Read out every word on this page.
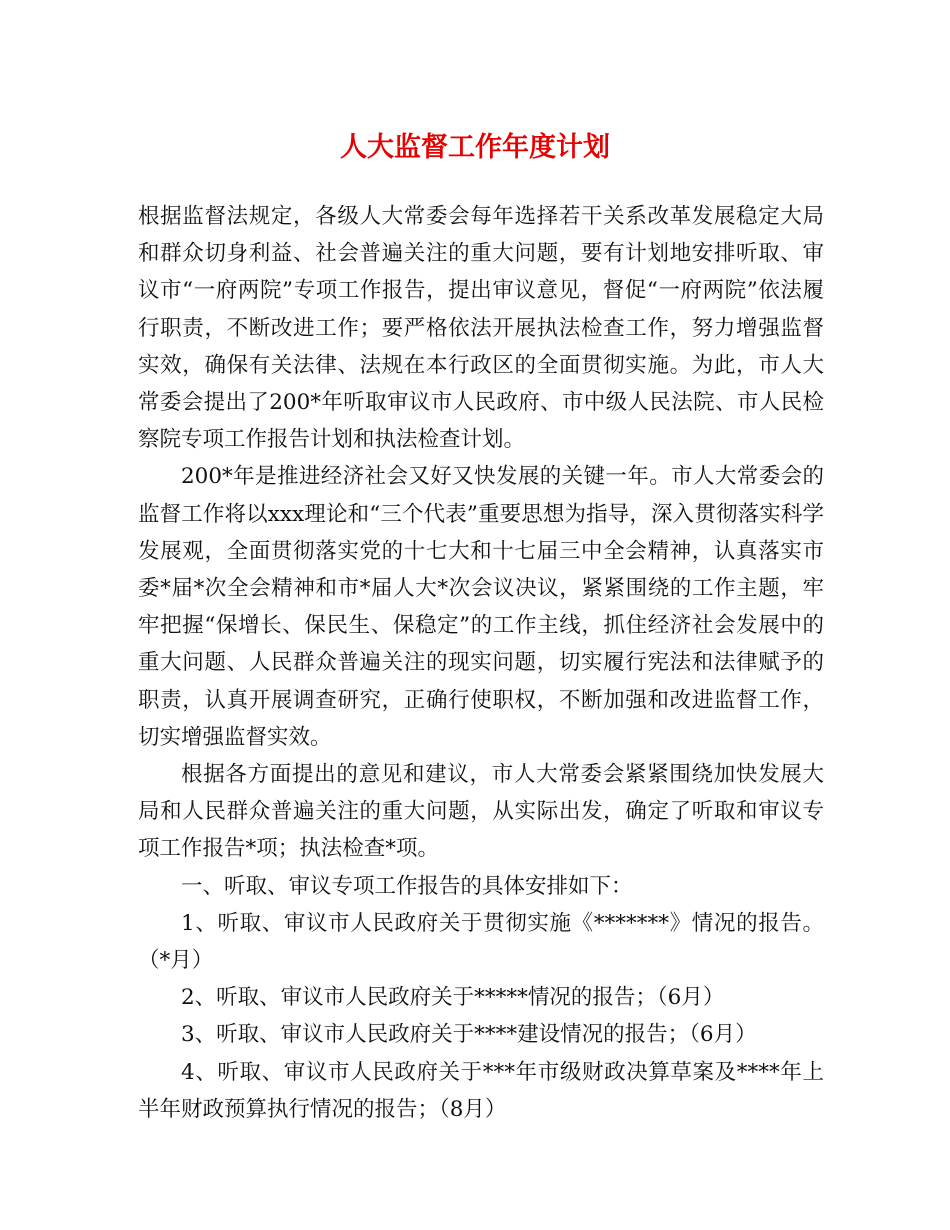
人大监督工作年度计划

根据监督法规定，各级人大常委会每年选择若干关系改革发展稳定大局和群众切身利益、社会普遍关注的重大问题，要有计划地安排听取、审议市“一府两院”专项工作报告，提出审议意见，督促“一府两院”依法履行职责，不断改进工作；要严格依法开展执法检查工作，努力增强监督实效，确保有关法律、法规在本行政区的全面贯彻实施。为此，市人大常委会提出了200*年听取审议市人民政府、市中级人民法院、市人民检察院专项工作报告计划和执法检查计划。

200*年是推进经济社会又好又快发展的关键一年。市人大常委会的监督工作将以xxx理论和“三个代表”重要思想为指导，深入贯彻落实科学发展观，全面贯彻落实党的十七大和十七届三中全会精神，认真落实市委*届*次全会精神和市*届人大*次会议决议，紧紧围绕的工作主题，牢牢把握“保增长、保民生、保稳定”的工作主线，抓住经济社会发展中的重大问题、人民群众普遍关注的现实问题，切实履行宪法和法律赋予的职责，认真开展调查研究，正确行使职权，不断加强和改进监督工作，切实增强监督实效。

根据各方面提出的意见和建议，市人大常委会紧紧围绕加快发展大局和人民群众普遍关注的重大问题，从实际出发，确定了听取和审议专项工作报告*项；执法检查*项。

一、听取、审议专项工作报告的具体安排如下：

1、听取、审议市人民政府关于贯彻实施《*******》情况的报告。（*月）

2、听取、审议市人民政府关于*****情况的报告；（6月）

3、听取、审议市人民政府关于****建设情况的报告；（6月）

4、听取、审议市人民政府关于***年市级财政决算草案及****年上半年财政预算执行情况的报告；（8月）
